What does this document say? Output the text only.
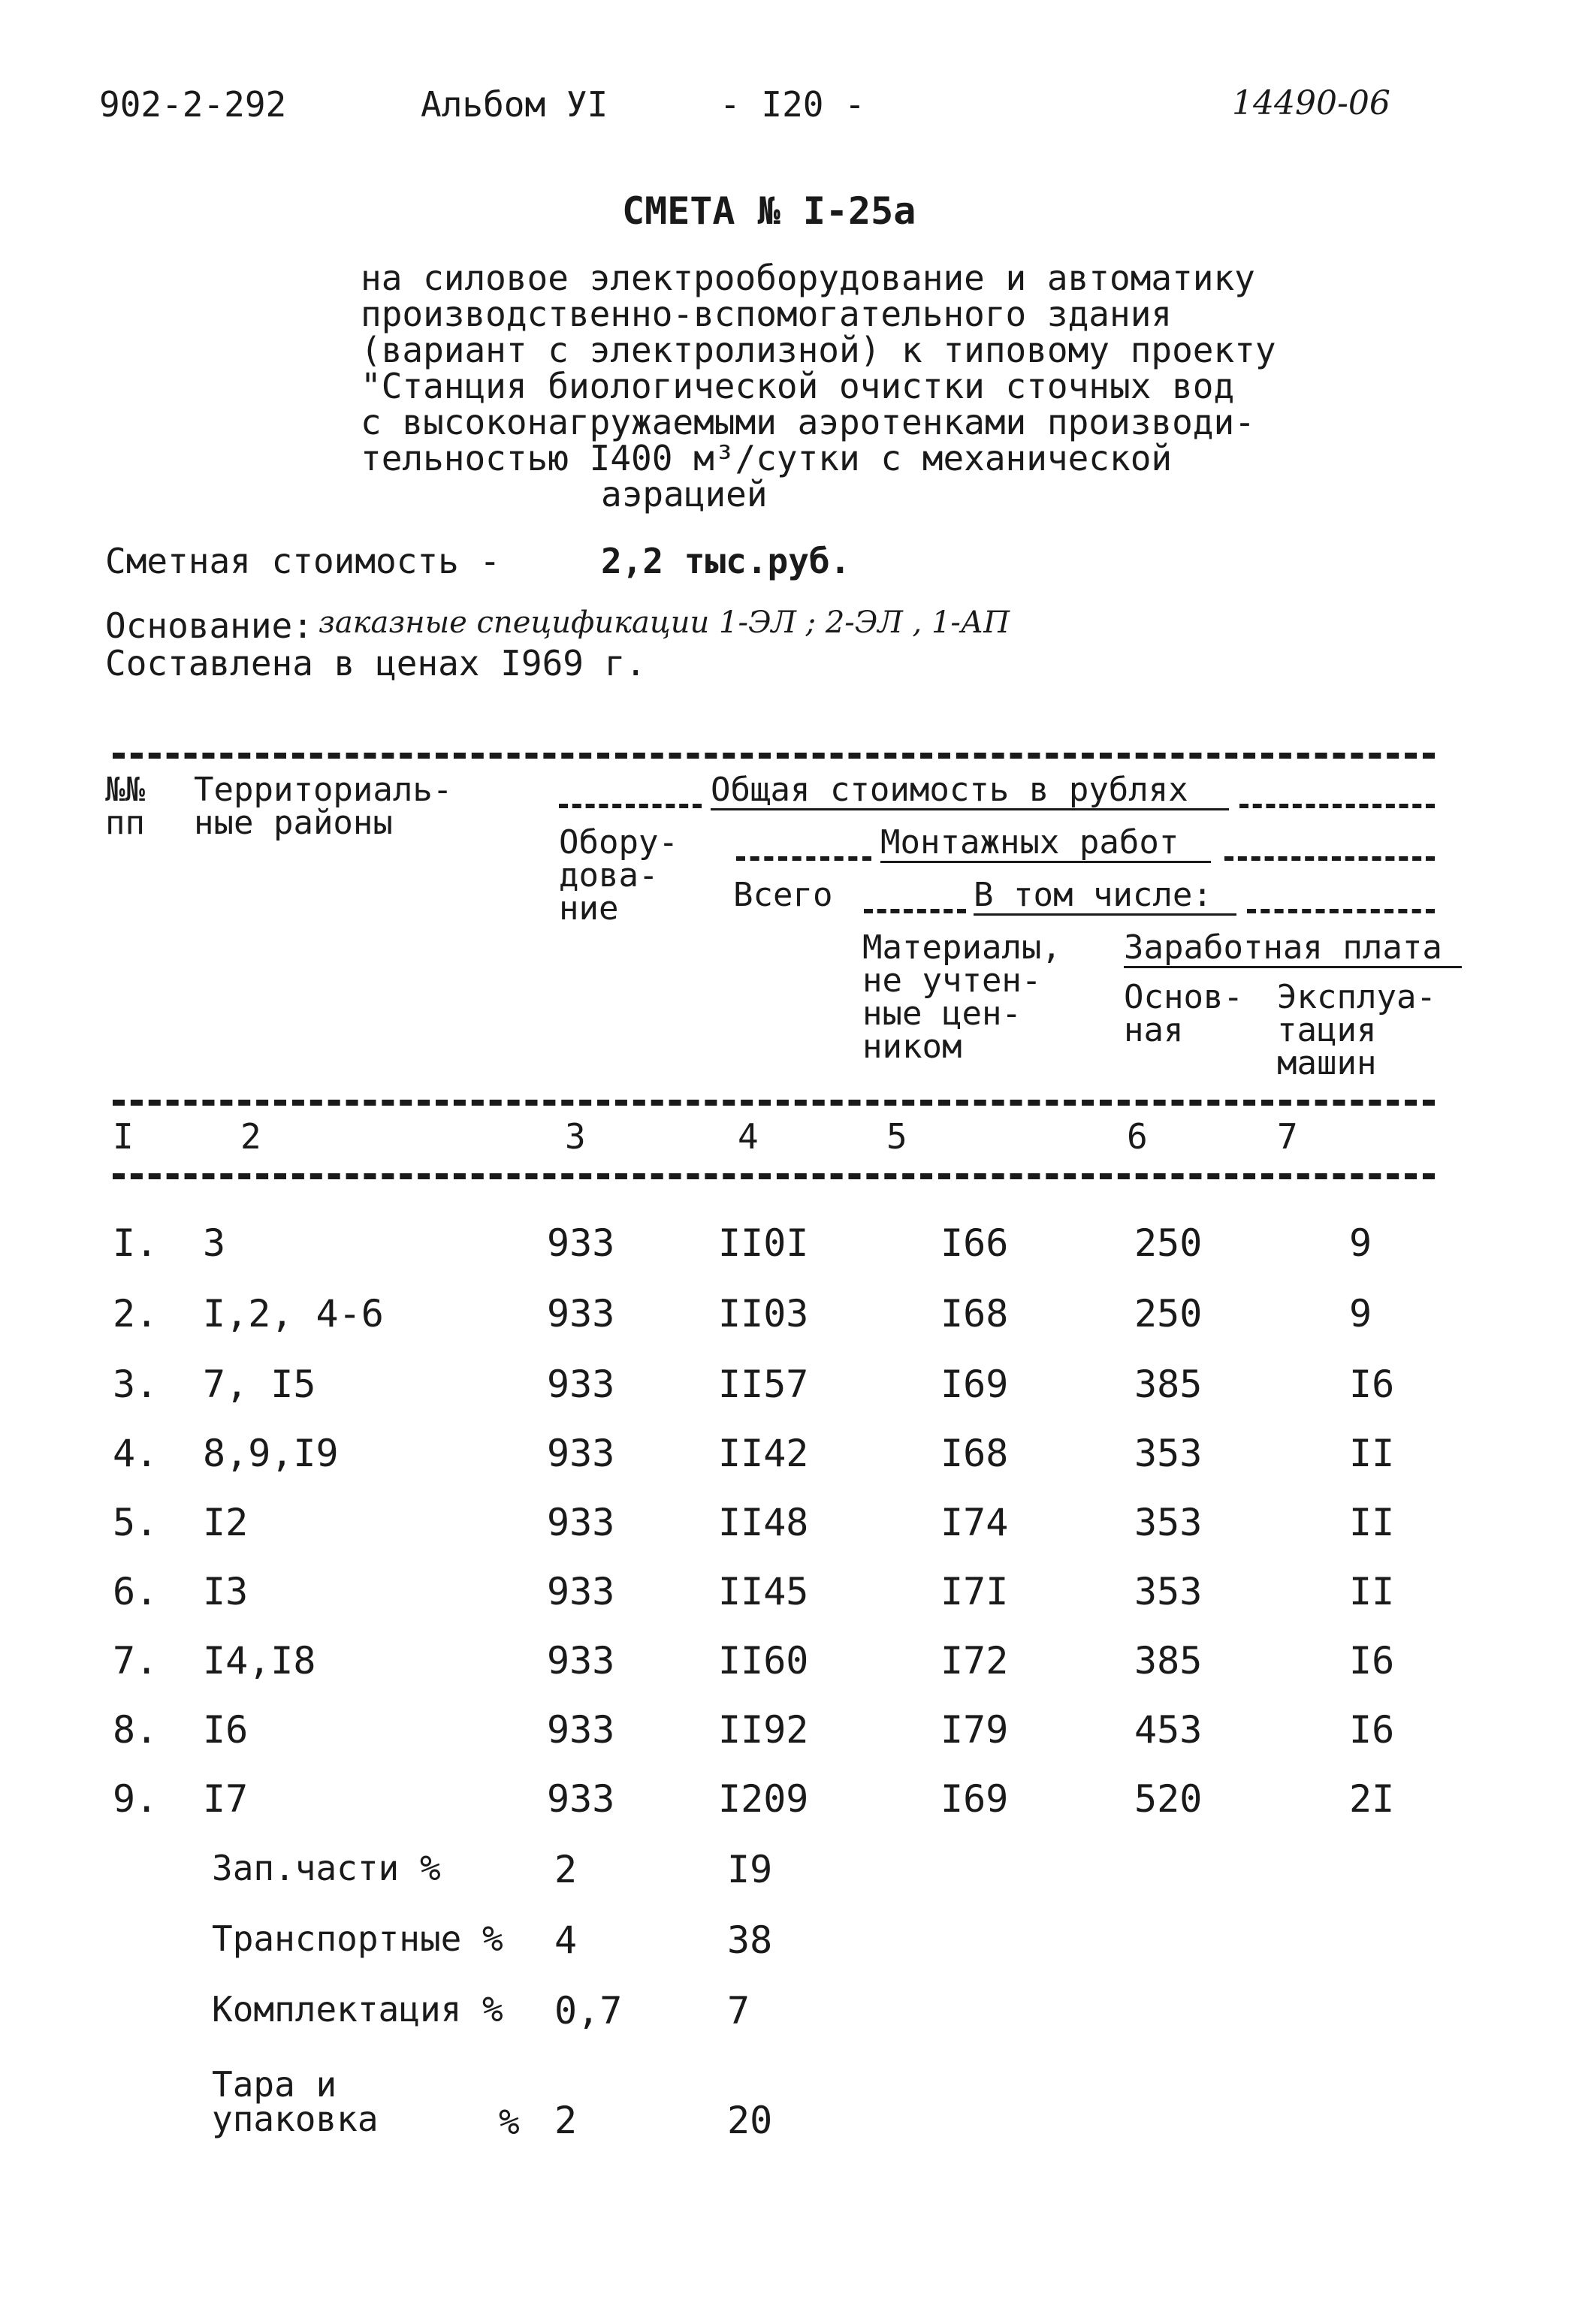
902-2-292	Альбом УI	- I20 -	14490-06
СМЕТА № I-25а
на силовое электрооборудование и автоматику
производственно-вспомогательного здания
(вариант с электролизной) к типовому проекту
"Станция биологической очистки сточных вод
с высоконагружаемыми аэротенками производи-
тельностью I400 м³/сутки с механической
аэрацией
Сметная стоимость -	2,2 тыс.руб.
Основание: заказные спецификации 1-ЭЛ ; 2-ЭЛ , 1-АП
Составлена в ценах I969 г.
№№
пп
Территориаль-
ные районы
Общая стоимость в рублях
Обору-
дова-
ние
Монтажных работ
Всего	В том числе:
Материалы,
не учтен-
ные цен-
ником
Заработная плата
Основ-
ная
Эксплуа-
тация
машин
I	2	3	4	5	6	7
I. 3	933	II0I	I66	250	9
2. I,2, 4-6	933	II03	I68	250	9
3. 7, I5	933	II57	I69	385	I6
4. 8,9,I9	933	II42	I68	353	II
5. I2	933	II48	I74	353	II
6. I3	933	II45	I7I	353	II
7. I4,I8	933	II60	I72	385	I6
8. I6	933	II92	I79	453	I6
9. I7	933	I209	I69	520	2I
Зап.части %	2	I9
Транспортные % 4	38
Комплектация % 0,7	7
Тара и
упаковка	% 2	20
